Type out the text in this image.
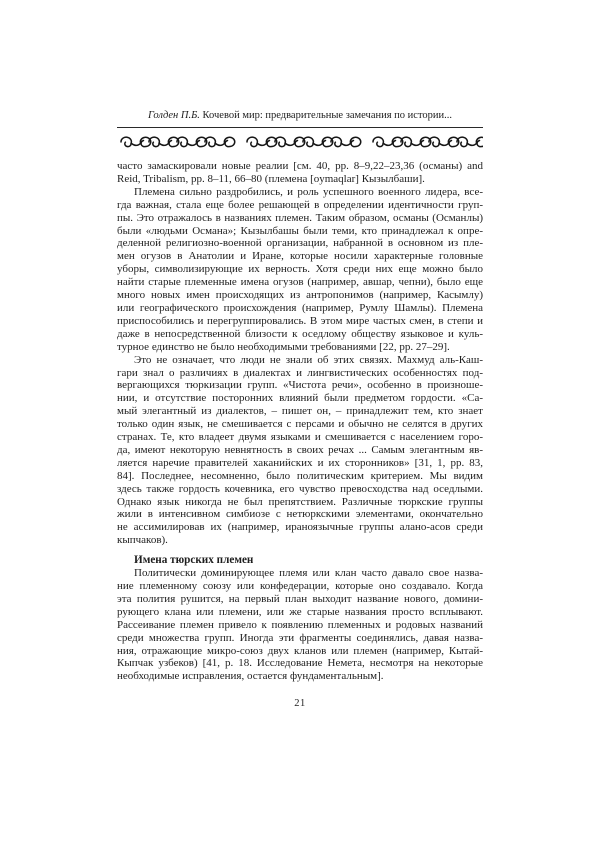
Голден П.Б. Кочевой мир: предварительные замечания по истории...
часто замаскировали новые реалии [см. 40, pp. 8–9,22–23,36 (османы) and
Reid, Tribalism, pp. 8–11, 66–80 (племена [oymaqlar] Кызылбаши].
Племена сильно раздробились, и роль успешного военного лидера, все-
гда важная, стала еще более решающей в определении идентичности груп-
пы. Это отражалось в названиях племен. Таким образом, османы (Османлы)
были «людьми Османа»; Кызылбашы были теми, кто принадлежал к опре-
деленной религиозно-военной организации, набранной в основном из пле-
мен огузов в Анатолии и Иране, которые носили характерные головные
уборы, символизирующие их верность. Хотя среди них еще можно было
найти старые племенные имена огузов (например, авшар, чепни), было еще
много новых имен происходящих из антропонимов (например, Касымлу)
или географического происхождения (например, Румлу Шамлы). Племена
приспособились и перегруппировались. В этом мире частых смен, в степи и
даже в непосредственной близости к оседлому обществу языковое и куль-
турное единство не было необходимыми требованиями [22, pp. 27–29].
Это не означает, что люди не знали об этих связях. Махмуд аль-Каш-
гари знал о различиях в диалектах и лингвистических особенностях под-
вергающихся тюркизации групп. «Чистота речи», особенно в произноше-
нии, и отсутствие посторонних влияний были предметом гордости. «Са-
мый элегантный из диалектов, – пишет он, – принадлежит тем, кто знает
только один язык, не смешивается с персами и обычно не селятся в других
странах. Те, кто владеет двумя языками и смешивается с населением горо-
да, имеют некоторую невнятность в своих речах ... Самым элегантным яв-
ляется наречие правителей хаканийских и их сторонников» [31, 1, pp. 83,
84]. Последнее, несомненно, было политическим критерием. Мы видим
здесь также гордость кочевника, его чувство превосходства над оседлыми.
Однако язык никогда не был препятствием. Различные тюркские группы
жили в интенсивном симбиозе с нетюркскими элементами, окончательно
не ассимилировав их (например, ираноязычные группы алано-асов среди
кыпчаков).
Имена тюрских племен
Политически доминирующее племя или клан часто давало свое назва-
ние племенному союзу или конфедерации, которые оно создавало. Когда
эта полития рушится, на первый план выходит название нового, домини-
рующего клана или племени, или же старые названия просто всплывают.
Рассеивание племен привело к появлению племенных и родовых названий
среди множества групп. Иногда эти фрагменты соединялись, давая назва-
ния, отражающие микро-союз двух кланов или племен (например, Кытай-
Кыпчак узбеков) [41, p. 18. Исследование Немета, несмотря на некоторые
необходимые исправления, остается фундаментальным].
21
